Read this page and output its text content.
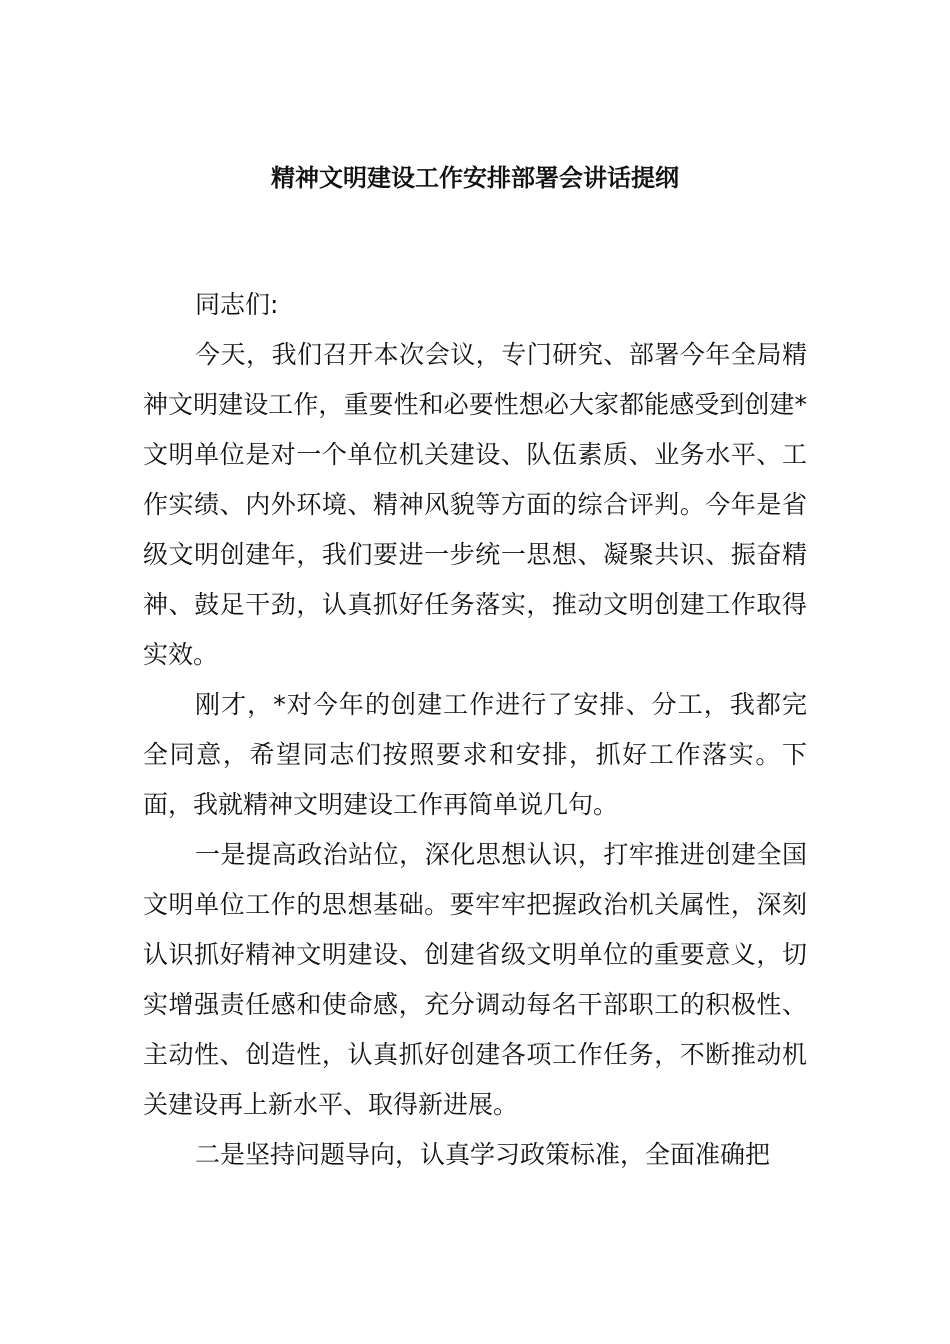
精神文明建设工作安排部署会讲话提纲

同志们:

今天，我们召开本次会议，专门研究、部署今年全局精神文明建设工作，重要性和必要性想必大家都能感受到创建*文明单位是对一个单位机关建设、队伍素质、业务水平、工作实绩、内外环境、精神风貌等方面的综合评判。今年是省级文明创建年，我们要进一步统一思想、凝聚共识、振奋精神、鼓足干劲，认真抓好任务落实，推动文明创建工作取得实效。

刚才，*对今年的创建工作进行了安排、分工，我都完全同意，希望同志们按照要求和安排，抓好工作落实。下面，我就精神文明建设工作再简单说几句。

一是提高政治站位，深化思想认识，打牢推进创建全国文明单位工作的思想基础。要牢牢把握政治机关属性，深刻认识抓好精神文明建设、创建省级文明单位的重要意义，切实增强责任感和使命感，充分调动每名干部职工的积极性、主动性、创造性，认真抓好创建各项工作任务，不断推动机关建设再上新水平、取得新进展。

二是坚持问题导向，认真学习政策标准，全面准确把
